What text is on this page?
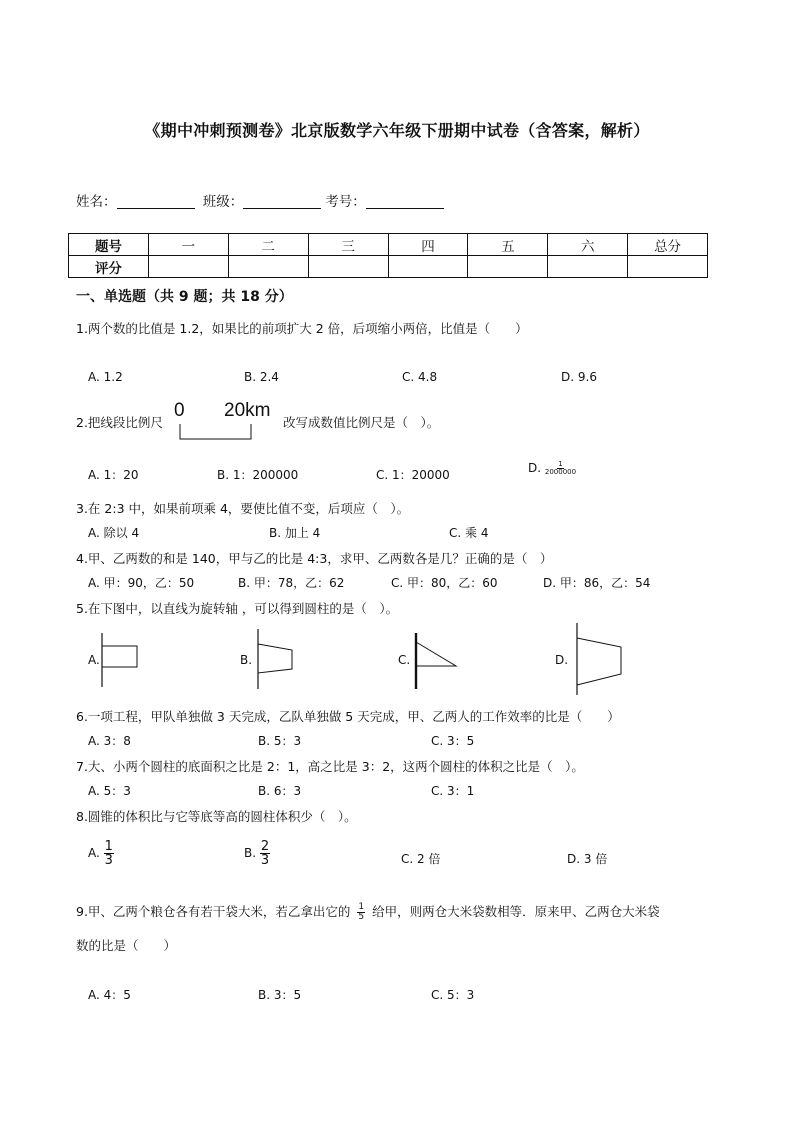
《期中冲刺预测卷》北京版数学六年级下册期中试卷（含答案，解析）
姓名：	班级：	考号：
题号	一	二	三	四	五	六	总分
评分							
一、单选题（共 9 题；共 18 分）
1.两个数的比值是 1.2，如果比的前项扩大 2 倍，后项缩小两倍，比值是（　　）
A. 1.2	B. 2.4	C. 4.8	D. 9.6
2.把线段比例尺
0 20km
改写成数值比例尺是（　）。
A. 1：20	B. 1：200000	C. 1：20000	D. $\frac{1}{2000000}$
3.在 2:3 中，如果前项乘 4，要使比值不变，后项应（　）。
A. 除以 4	B. 加上 4	C. 乘 4
4.甲、乙两数的和是 140，甲与乙的比是 4:3，求甲、乙两数各是几？正确的是（　）
A. 甲：90，乙：50	B. 甲：78，乙：62	C. 甲：80，乙：60	D. 甲：86，乙：54
5.在下图中，以直线为旋转轴 ，可以得到圆柱的是（　）。
A.	B.	C.	D.
6.一项工程，甲队单独做 3 天完成，乙队单独做 5 天完成，甲、乙两人的工作效率的比是（　　）
A. 3：8	B. 5：3	C. 3：5
7.大、小两个圆柱的底面积之比是 2：1，高之比是 3：2，这两个圆柱的体积之比是（　）。
A. 5：3	B. 6：3	C. 3：1
8.圆锥的体积比与它等底等高的圆柱体积少（　）。
A. $\frac{1}{3}$	B. $\frac{2}{3}$	C. 2 倍	D. 3 倍
9.甲、乙两个粮仓各有若干袋大米，若乙拿出它的 $\frac{1}{5}$ 给甲，则两仓大米袋数相等．原来甲、乙两仓大米袋
数的比是（　　）
A. 4：5	B. 3：5	C. 5：3
